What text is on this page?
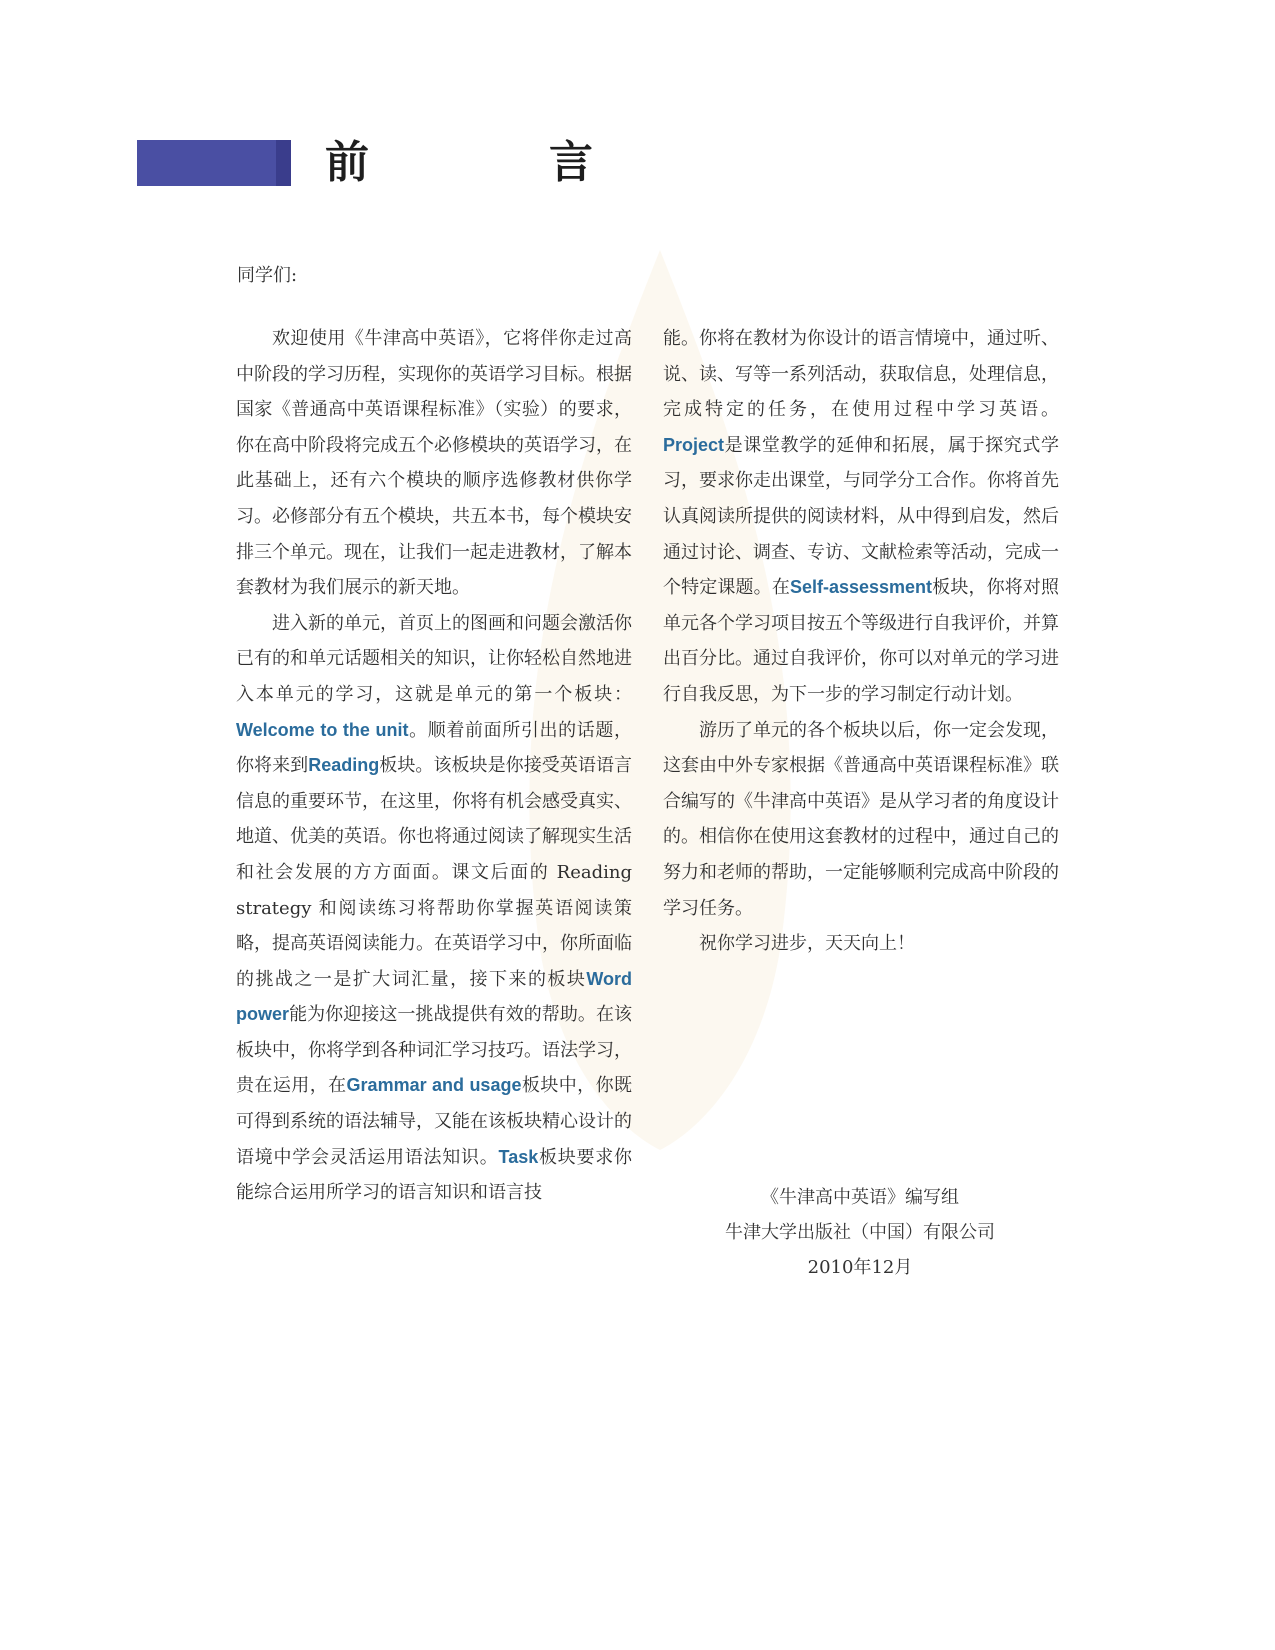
前　言
同学们:

欢迎使用《牛津高中英语》，它将伴你走过高中阶段的学习历程，实现你的英语学习目标。根据国家《普通高中英语课程标准》（实验）的要求，你在高中阶段将完成五个必修模块的英语学习，在此基础上，还有六个模块的顺序选修教材供你学习。必修部分有五个模块，共五本书，每个模块安排三个单元。现在，让我们一起走进教材，了解本套教材为我们展示的新天地。

进入新的单元，首页上的图画和问题会激活你已有的和单元话题相关的知识，让你轻松自然地进入本单元的学习，这就是单元的第一个板块：Welcome to the unit。顺着前面所引出的话题，你将来到Reading板块。该板块是你接受英语语言信息的重要环节，在这里，你将有机会感受真实、地道、优美的英语。你也将通过阅读了解现实生活和社会发展的方方面面。课文后面的 Reading strategy 和阅读练习将帮助你掌握英语阅读策略，提高英语阅读能力。在英语学习中，你所面临的挑战之一是扩大词汇量，接下来的板块Word power能为你迎接这一挑战提供有效的帮助。在该板块中，你将学到各种词汇学习技巧。语法学习，贵在运用，在Grammar and usage板块中，你既可得到系统的语法辅导，又能在该板块精心设计的语境中学会灵活运用语法知识。Task板块要求你能综合运用所学习的语言知识和语言技

能。你将在教材为你设计的语言情境中，通过听、说、读、写等一系列活动，获取信息，处理信息，完成特定的任务，在使用过程中学习英语。Project是课堂教学的延伸和拓展，属于探究式学习，要求你走出课堂，与同学分工合作。你将首先认真阅读所提供的阅读材料，从中得到启发，然后通过讨论、调查、专访、文献检索等活动，完成一个特定课题。在Self-assessment板块，你将对照单元各个学习项目按五个等级进行自我评价，并算出百分比。通过自我评价，你可以对单元的学习进行自我反思，为下一步的学习制定行动计划。

游历了单元的各个板块以后，你一定会发现，这套由中外专家根据《普通高中英语课程标准》联合编写的《牛津高中英语》是从学习者的角度设计的。相信你在使用这套教材的过程中，通过自己的努力和老师的帮助，一定能够顺利完成高中阶段的学习任务。

祝你学习进步，天天向上！

《牛津高中英语》编写组
牛津大学出版社（中国）有限公司
2010年12月
